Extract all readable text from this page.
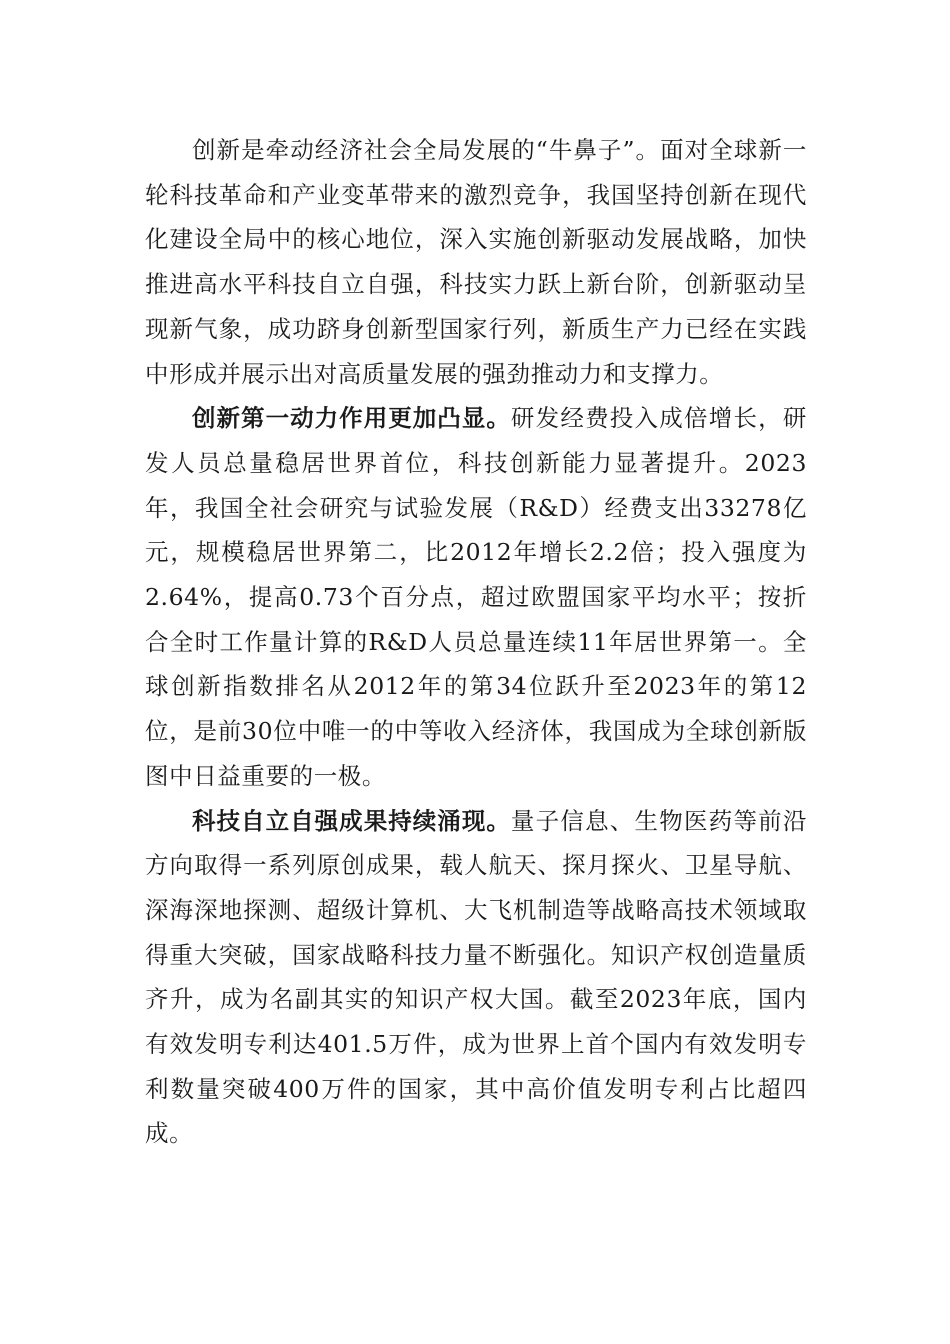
创新是牵动经济社会全局发展的“牛鼻子”。面对全球新一轮科技革命和产业变革带来的激烈竞争，我国坚持创新在现代化建设全局中的核心地位，深入实施创新驱动发展战略，加快推进高水平科技自立自强，科技实力跃上新台阶，创新驱动呈现新气象，成功跻身创新型国家行列，新质生产力已经在实践中形成并展示出对高质量发展的强劲推动力和支撑力。

创新第一动力作用更加凸显。研发经费投入成倍增长，研发人员总量稳居世界首位，科技创新能力显著提升。2023年，我国全社会研究与试验发展（R&D）经费支出33278亿元，规模稳居世界第二，比2012年增长2.2倍；投入强度为2.64%，提高0.73个百分点，超过欧盟国家平均水平；按折合全时工作量计算的R&D人员总量连续11年居世界第一。全球创新指数排名从2012年的第34位跃升至2023年的第12位，是前30位中唯一的中等收入经济体，我国成为全球创新版图中日益重要的一极。

科技自立自强成果持续涌现。量子信息、生物医药等前沿方向取得一系列原创成果，载人航天、探月探火、卫星导航、深海深地探测、超级计算机、大飞机制造等战略高技术领域取得重大突破，国家战略科技力量不断强化。知识产权创造量质齐升，成为名副其实的知识产权大国。截至2023年底，国内有效发明专利达401.5万件，成为世界上首个国内有效发明专利数量突破400万件的国家，其中高价值发明专利占比超四成。
